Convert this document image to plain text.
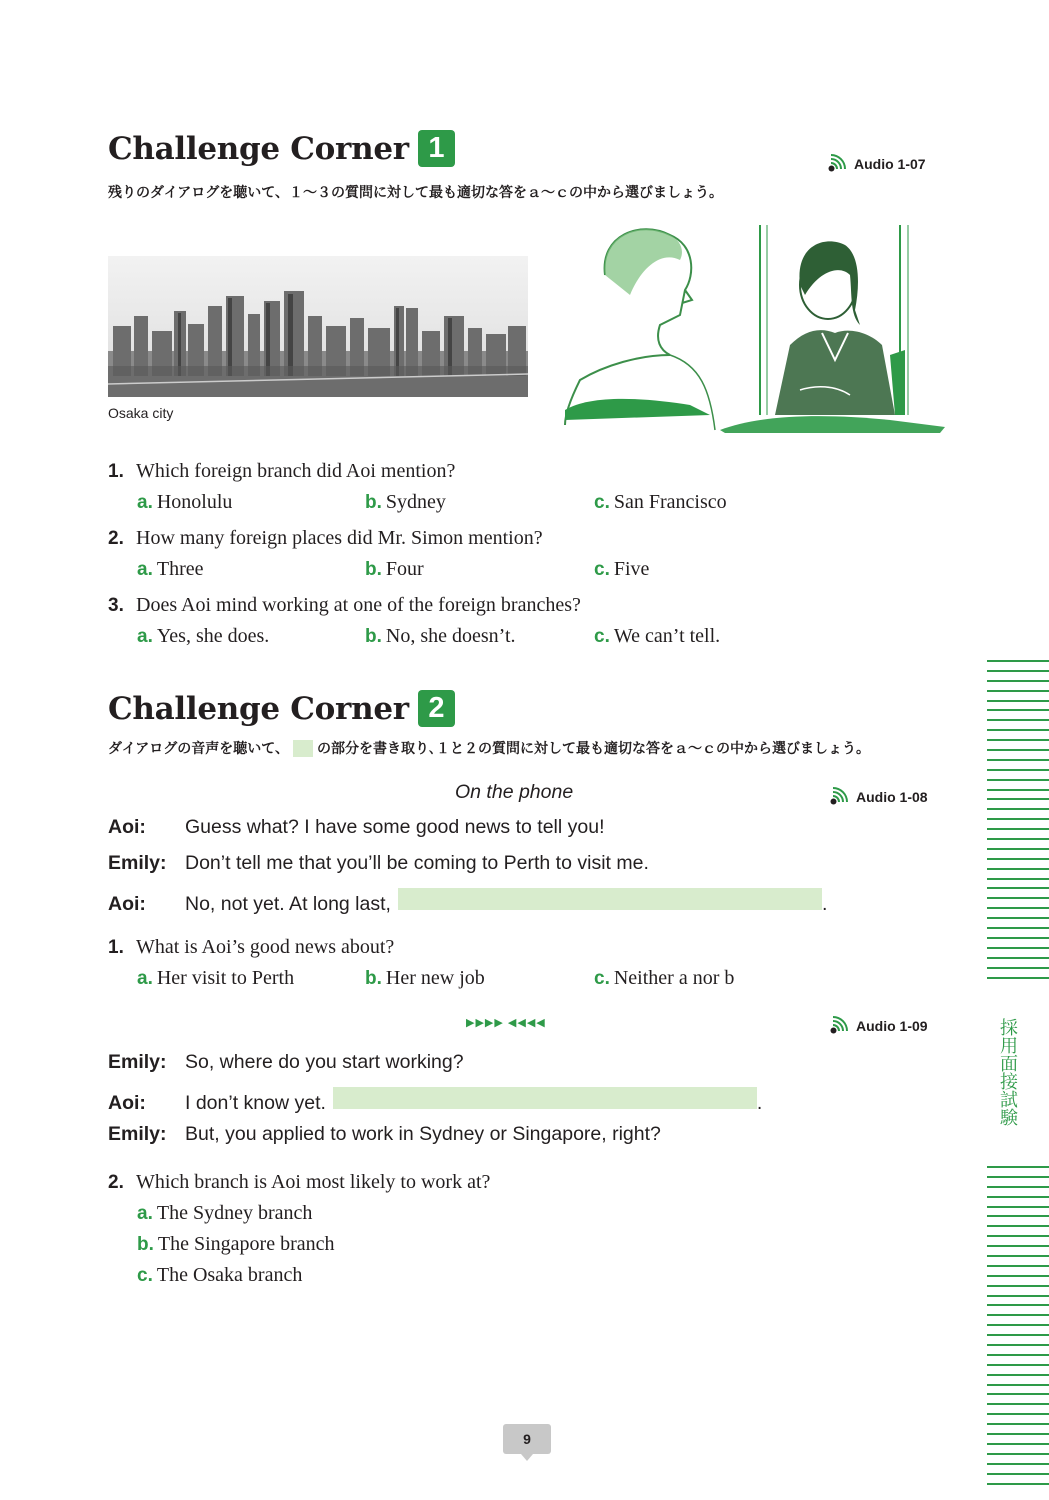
Challenge Corner 1	Audio 1-07
残りのダイアログを聴いて、１～３の質問に対して最も適切な答をａ～ｃの中から選びましょう。
Osaka city
1. Which foreign branch did Aoi mention?
a. Honolulu	b. Sydney	c. San Francisco
2. How many foreign places did Mr. Simon mention?
a. Three	b. Four	c. Five
3. Does Aoi mind working at one of the foreign branches?
a. Yes, she does.	b. No, she doesn’t.	c. We can’t tell.
Challenge Corner 2
ダイアログの音声を聴いて、 の部分を書き取り､１と２の質問に対して最も適切な答をａ～ｃの中から選びましょう。
On the phone	Audio 1-08
Aoi:	Guess what? I have some good news to tell you!
Emily: Don’t tell me that you’ll be coming to Perth to visit me.
Aoi:	No, not yet. At long last,	.
1. What is Aoi’s good news about?
a. Her visit to Perth	b. Her new job	c. Neither a nor b
▶▶▶▶ ◀◀◀◀	Audio 1-09
Emily: So, where do you start working?
Aoi:	I don’t know yet.	.
Emily: But, you applied to work in Sydney or Singapore, right?
2. Which branch is Aoi most likely to work at?
a. The Sydney branch
b. The Singapore branch
c. The Osaka branch
9
採用面接試験
